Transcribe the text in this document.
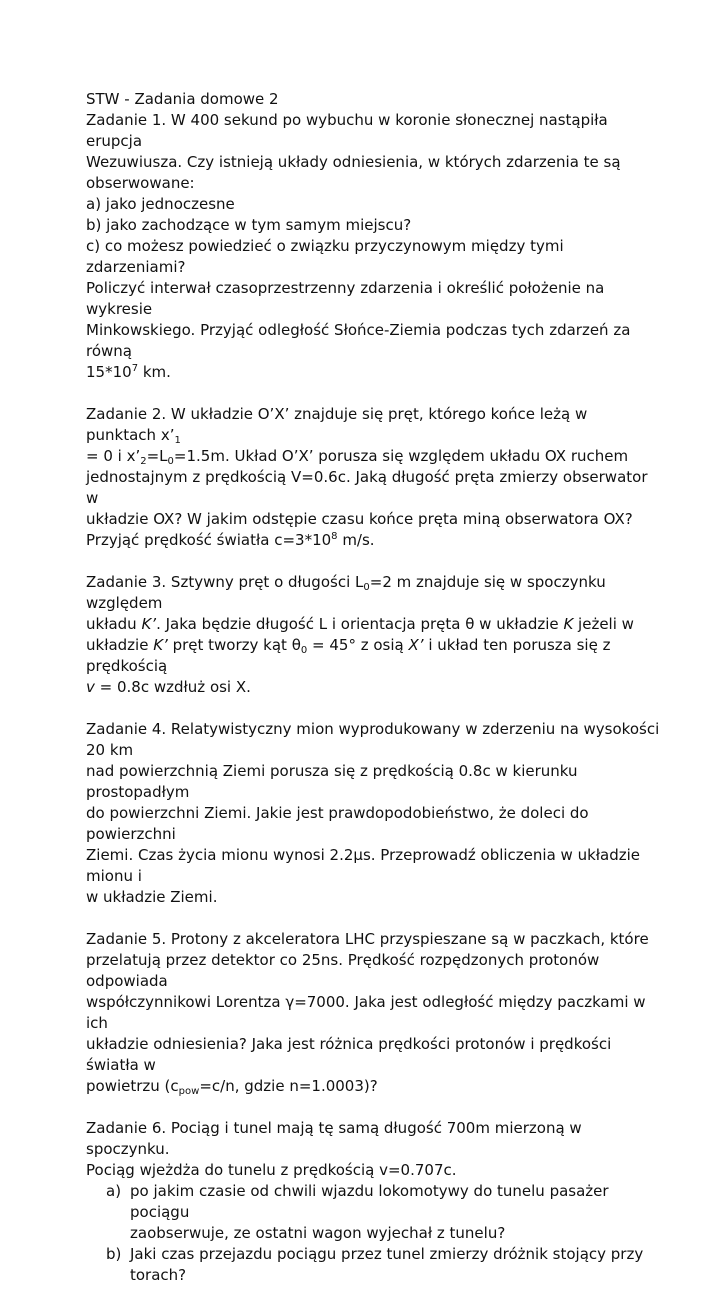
STW - Zadania domowe 2

Zadanie 1. W 400 sekund po wybuchu w koronie słonecznej nastąpiła erupcja

Wezuwiusza. Czy istnieją układy odniesienia, w których zdarzenia te są

obserwowane:

a) jako jednoczesne

b) jako zachodzące w tym samym miejscu?

c) co możesz powiedzieć o związku przyczynowym między tymi zdarzeniami?

Policzyć interwał czasoprzestrzenny zdarzenia i określić położenie na wykresie

Minkowskiego. Przyjąć odległość Słońce-Ziemia podczas tych zdarzeń za równą

$15*10^7$ km.

Zadanie 2. W układzie O’X’ znajduje się pręt, którego końce leżą w punktach $x’_1$

= 0 i $x’_2=L_0=1.5m$. Układ O’X’ porusza się względem układu OX ruchem

jednostajnym z prędkością V=0.6c. Jaką długość pręta zmierzy obserwator w

układzie OX? W jakim odstępie czasu końce pręta miną obserwatora OX?

Przyjąć prędkość światła $c=3*10^8$ m/s.

Zadanie 3. Sztywny pręt o długości $L_0=2$ m znajduje się w spoczynku względem

układu K’. Jaka będzie długość L i orientacja pręta θ w układzie K jeżeli w

układzie K’ pręt tworzy kąt $\theta_0 = 45^\circ$ z osią X’ i układ ten porusza się z prędkością

v = 0.8c wzdłuż osi X.

Zadanie 4. Relatywistyczny mion wyprodukowany w zderzeniu na wysokości 20 km

nad powierzchnią Ziemi porusza się z prędkością 0.8c w kierunku prostopadłym

do powierzchni Ziemi. Jakie jest prawdopodobieństwo, że doleci do powierzchni

Ziemi. Czas życia mionu wynosi 2.2μs. Przeprowadź obliczenia w układzie mionu i

w układzie Ziemi.

Zadanie 5. Protony z akceleratora LHC przyspieszane są w paczkach, które

przelatują przez detektor co 25ns. Prędkość rozpędzonych protonów odpowiada

współczynnikowi Lorentza γ=7000. Jaka jest odległość między paczkami w ich

układzie odniesienia? Jaka jest różnica prędkości protonów i prędkości światła w

powietrzu ($c_{pow}=c/n$, gdzie n=1.0003)?

Zadanie 6. Pociąg i tunel mają tę samą długość 700m mierzoną w spoczynku.

Pociąg wjeżdża do tunelu z prędkością v=0.707c.

a) po jakim czasie od chwili wjazdu lokomotywy do tunelu pasażer pociągu

zaobserwuje, ze ostatni wagon wyjechał z tunelu?

b) Jaki czas przejazdu pociągu przez tunel zmierzy dróżnik stojący przy

torach?
